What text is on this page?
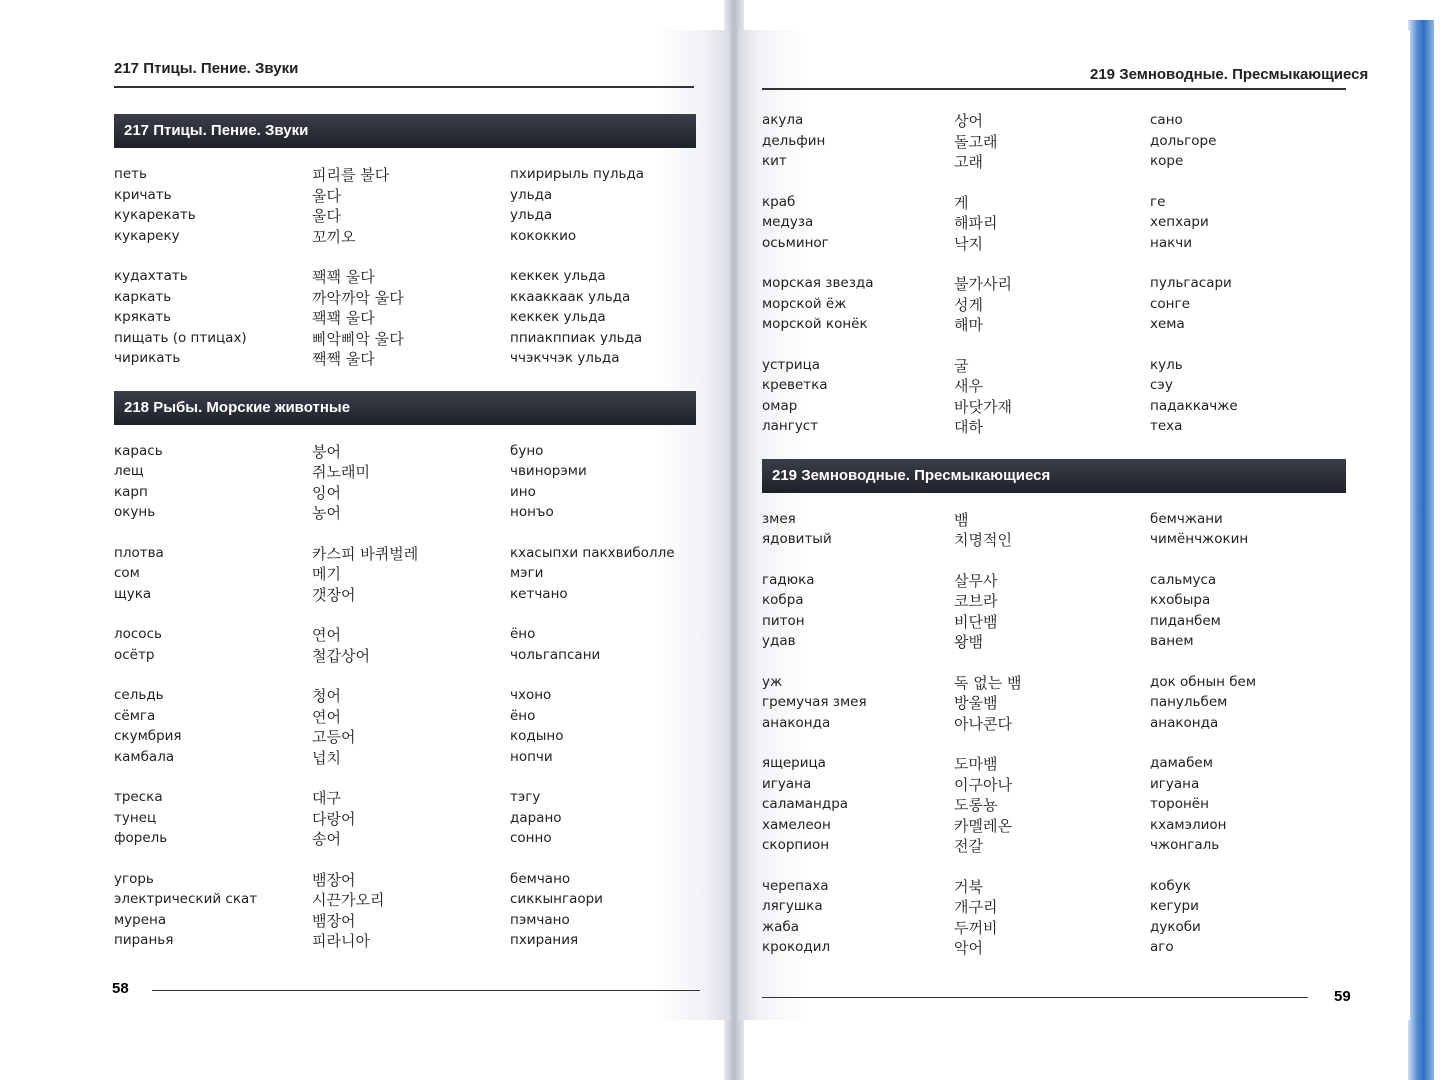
217 Птицы. Пение. Звуки
58
217 Птицы. Пение. Звуки
петь	피리를 불다	пхирирыль пульда
кричать	울다	ульда
кукарекать	울다	ульда
кукареку	꼬끼오	кококкио
кудахтать	꽥꽥 울다	кеккек ульда
каркать	까악까악 울다	ккааккаак ульда
крякать	꽥꽥 울다	кеккек ульда
пищать (о птицах)	삐악삐악 울다	ппиакппиак ульда
чирикать	짹짹 울다	ччэкччэк ульда
218 Рыбы. Морские животные
карась	붕어	буно
лещ	쥐노래미	чвинорэми
карп	잉어	ино
окунь	농어	нонъо
плотва	카스피 바퀴벌레	кхасыпхи пакхвиболле
сом	메기	мэги
щука	갯장어	кетчано
лосось	연어	ёно
осётр	철갑상어	чольгапсани
сельдь	청어	чхоно
сёмга	연어	ёно
скумбрия	고등어	кодыно
камбала	넙치	нопчи
треска	대구	тэгу
тунец	다랑어	дарано
форель	송어	сонно
угорь	뱀장어	бемчано
электрический скат	시끈가오리	сиккынгаори
мурена	뱀장어	пэмчано
пиранья	피라니아	пхирания
219 Земноводные. Пресмыкающиеся
59
акула	상어	сано
дельфин	돌고래	дольгоре
кит	고래	коре
краб	게	ге
медуза	해파리	хепхари
осьминог	낙지	накчи
морская звезда	불가사리	пульгасари
морской ёж	성게	сонге
морской конёк	해마	хема
устрица	굴	куль
креветка	새우	сэу
омар	바닷가재	падаккачже
лангуст	대하	теха
219 Земноводные. Пресмыкающиеся
змея	뱀	бемчжани
ядовитый	치명적인	чимёнчжокин
гадюка	살무사	сальмуса
кобра	코브라	кхобыра
питон	비단뱀	пиданбем
удав	왕뱀	ванем
уж	독 없는 뱀	док обнын бем
гремучая змея	방울뱀	панульбем
анаконда	아나콘다	анаконда
ящерица	도마뱀	дамабем
игуана	이구아나	игуана
саламандра	도롱뇽	торонён
хамелеон	카멜레온	кхамэлион
скорпион	전갈	чжонгаль
черепаха	거북	кобук
лягушка	개구리	кегури
жаба	두꺼비	дукоби
крокодил	악어	аго
